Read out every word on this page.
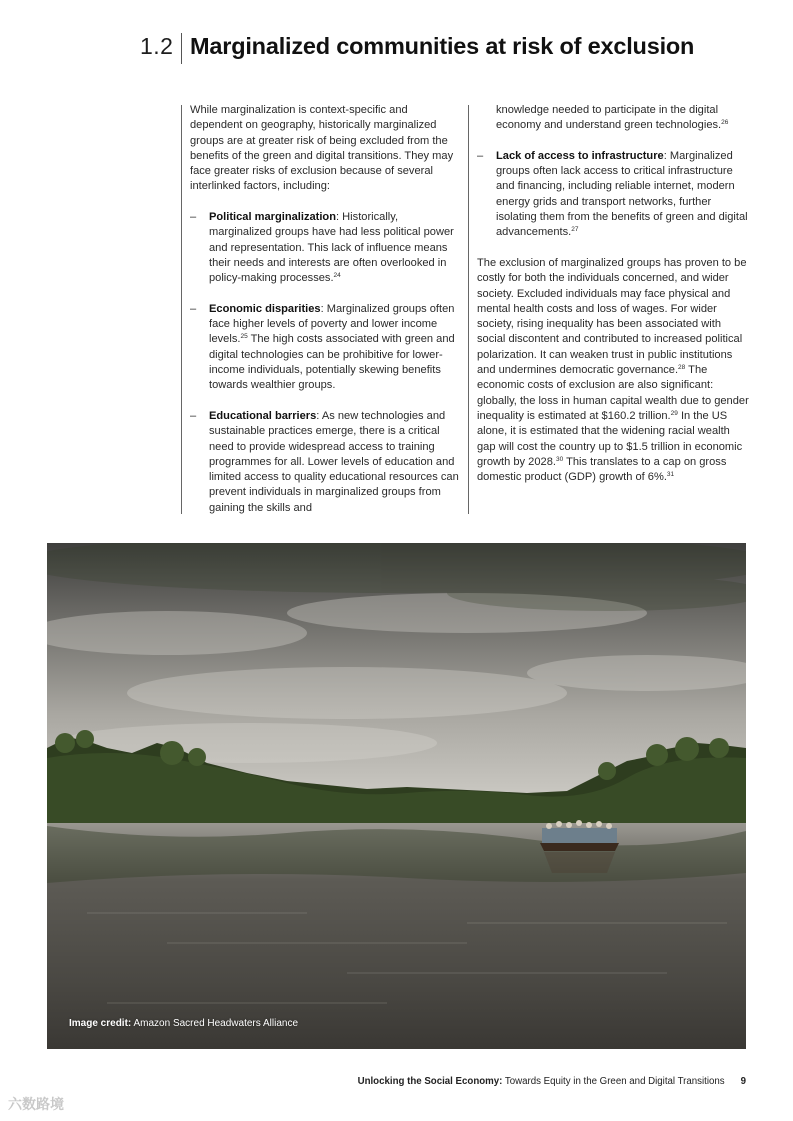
1.2 Marginalized communities at risk of exclusion

While marginalization is context-specific and dependent on geography, historically marginalized groups are at greater risk of being excluded from the benefits of the green and digital transitions. They may face greater risks of exclusion because of several interlinked factors, including:

– Political marginalization: Historically, marginalized groups have had less political power and representation. This lack of influence means their needs and interests are often overlooked in policy-making processes.$^{24}$
– Economic disparities: Marginalized groups often face higher levels of poverty and lower income levels.$^{25}$ The high costs associated with green and digital technologies can be prohibitive for lower-income individuals, potentially skewing benefits towards wealthier groups.
– Educational barriers: As new technologies and sustainable practices emerge, there is a critical need to provide widespread access to training programmes for all. Lower levels of education and limited access to quality educational resources can prevent individuals in marginalized groups from gaining the skills and

knowledge needed to participate in the digital economy and understand green technologies.$^{26}$

– Lack of access to infrastructure: Marginalized groups often lack access to critical infrastructure and financing, including reliable internet, modern energy grids and transport networks, further isolating them from the benefits of green and digital advancements.$^{27}$

The exclusion of marginalized groups has proven to be costly for both the individuals concerned, and wider society. Excluded individuals may face physical and mental health costs and loss of wages. For wider society, rising inequality has been associated with social discontent and contributed to increased political polarization. It can weaken trust in public institutions and undermines democratic governance.$^{28}$ The economic costs of exclusion are also significant: globally, the loss in human capital wealth due to gender inequality is estimated at $160.2 trillion.$^{29}$ In the US alone, it is estimated that the widening racial wealth gap will cost the country up to $1.5 trillion in economic growth by 2028.30 This translates to a cap on gross domestic product (GDP) growth of 6%.$^{31}$

Image credit: Amazon Sacred Headwaters Alliance
Unlocking the Social Economy: Towards Equity in the Green and Digital Transitions 9
六数路境
